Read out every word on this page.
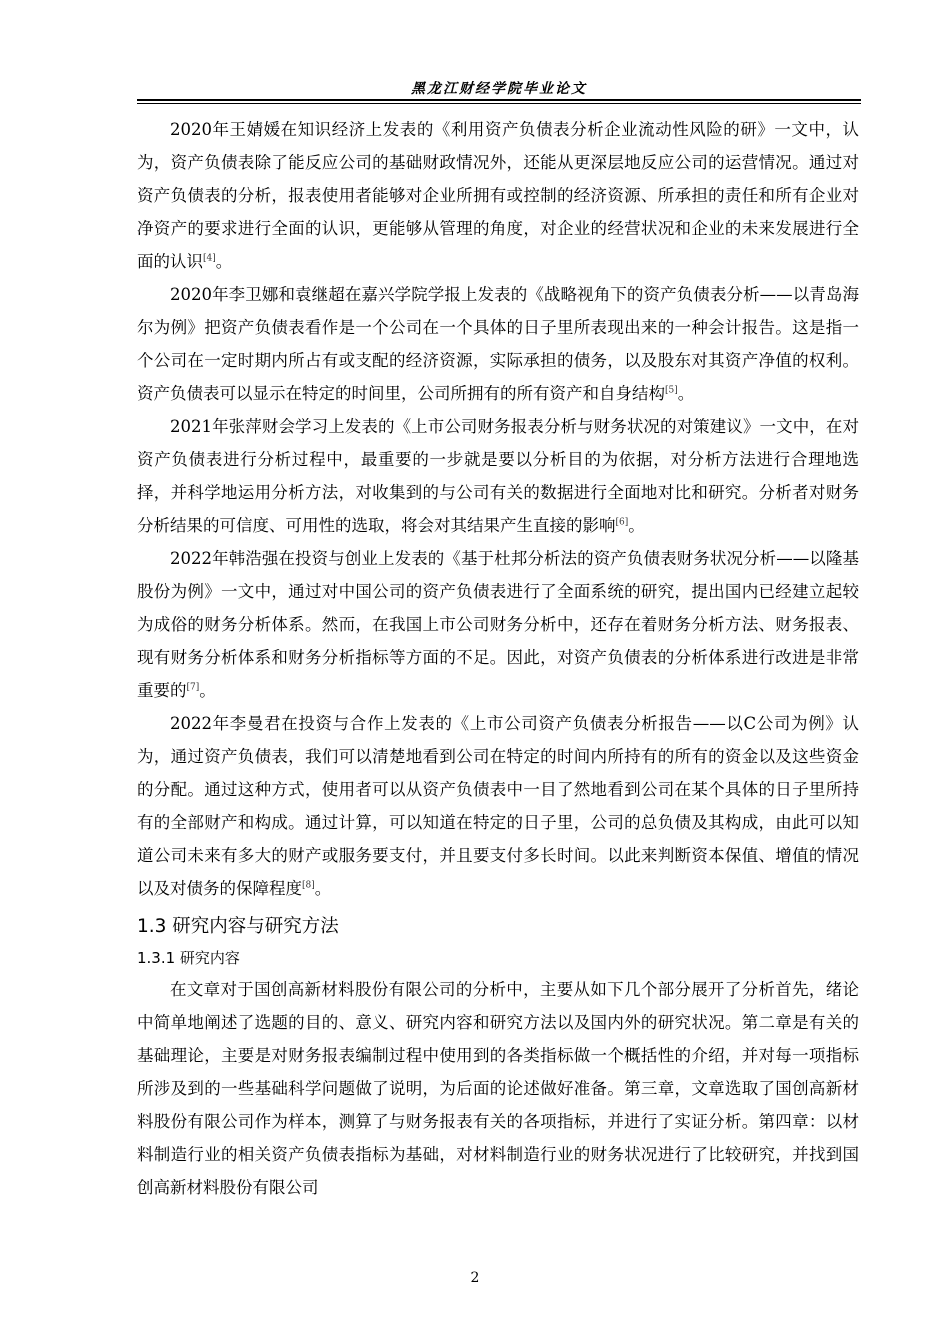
黑龙江财经学院毕业论文

2020年王婧媛在知识经济上发表的《利用资产负债表分析企业流动性风险的研》一文中，认为，资产负债表除了能反应公司的基础财政情况外，还能从更深层地反应公司的运营情况。通过对资产负债表的分析，报表使用者能够对企业所拥有或控制的经济资源、所承担的责任和所有企业对净资产的要求进行全面的认识，更能够从管理的角度，对企业的经营状况和企业的未来发展进行全面的认识[4]。

2020年李卫娜和袁继超在嘉兴学院学报上发表的《战略视角下的资产负债表分析——以青岛海尔为例》把资产负债表看作是一个公司在一个具体的日子里所表现出来的一种会计报告。这是指一个公司在一定时期内所占有或支配的经济资源，实际承担的债务，以及股东对其资产净值的权利。资产负债表可以显示在特定的时间里，公司所拥有的所有资产和自身结构[5]。

2021年张萍财会学习上发表的《上市公司财务报表分析与财务状况的对策建议》一文中，在对资产负债表进行分析过程中，最重要的一步就是要以分析目的为依据，对分析方法进行合理地选择，并科学地运用分析方法，对收集到的与公司有关的数据进行全面地对比和研究。分析者对财务分析结果的可信度、可用性的选取，将会对其结果产生直接的影响[6]。

2022年韩浩强在投资与创业上发表的《基于杜邦分析法的资产负债表财务状况分析——以隆基股份为例》一文中，通过对中国公司的资产负债表进行了全面系统的研究，提出国内已经建立起较为成俗的财务分析体系。然而，在我国上市公司财务分析中，还存在着财务分析方法、财务报表、现有财务分析体系和财务分析指标等方面的不足。因此，对资产负债表的分析体系进行改进是非常重要的[7]。

2022年李曼君在投资与合作上发表的《上市公司资产负债表分析报告——以C公司为例》认为，通过资产负债表，我们可以清楚地看到公司在特定的时间内所持有的所有的资金以及这些资金的分配。通过这种方式，使用者可以从资产负债表中一目了然地看到公司在某个具体的日子里所持有的全部财产和构成。通过计算，可以知道在特定的日子里，公司的总负债及其构成，由此可以知道公司未来有多大的财产或服务要支付，并且要支付多长时间。以此来判断资本保值、增值的情况以及对债务的保障程度[8]。

1.3 研究内容与研究方法
1.3.1 研究内容

在文章对于国创高新材料股份有限公司的分析中，主要从如下几个部分展开了分析首先，绪论中简单地阐述了选题的目的、意义、研究内容和研究方法以及国内外的研究状况。第二章是有关的基础理论，主要是对财务报表编制过程中使用到的各类指标做一个概括性的介绍，并对每一项指标所涉及到的一些基础科学问题做了说明，为后面的论述做好准备。第三章，文章选取了国创高新材料股份有限公司作为样本，测算了与财务报表有关的各项指标，并进行了实证分析。第四章：以材料制造行业的相关资产负债表指标为基础，对材料制造行业的财务状况进行了比较研究，并找到国创高新材料股份有限公司

2
